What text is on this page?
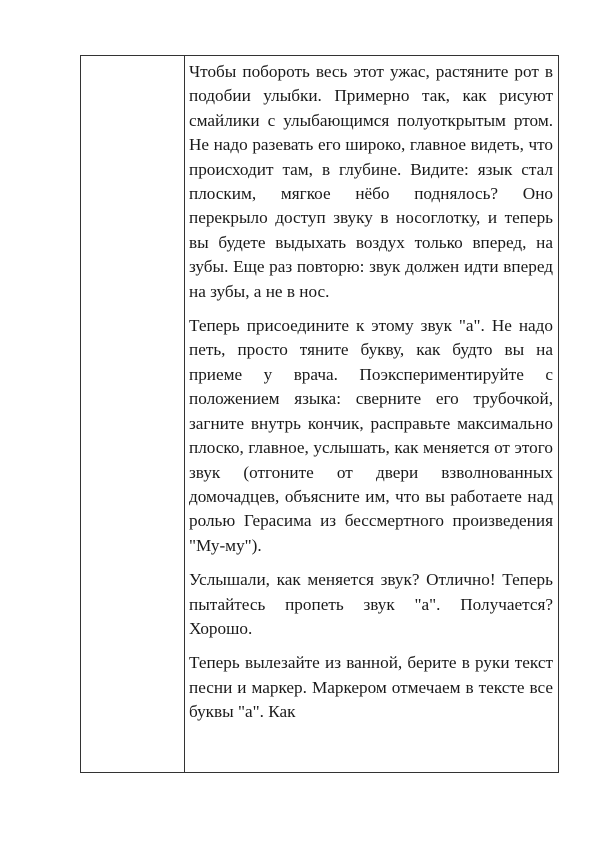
Чтобы побороть весь этот ужас, растяните рот в подобии улыбки. Примерно так, как рисуют смайлики с улыбающимся полуоткрытым ртом. Не надо разевать его широко, главное видеть, что происходит там, в глубине. Видите: язык стал плоским, мягкое нёбо поднялось? Оно перекрыло доступ звуку в носоглотку, и теперь вы будете выдыхать воздух только вперед, на зубы. Еще раз повторю: звук должен идти вперед на зубы, а не в нос.

Теперь присоедините к этому звук "а". Не надо петь, просто тяните букву, как будто вы на приеме у врача. Поэкспериментируйте с положением языка: сверните его трубочкой, загните внутрь кончик, расправьте максимально плоско, главное, услышать, как меняется от этого звук (отгоните от двери взволнованных домочадцев, объясните им, что вы работаете над ролью Герасима из бессмертного произведения "Му-му").

Услышали, как меняется звук? Отлично! Теперь пытайтесь пропеть звук "а". Получается? Хорошо.

Теперь вылезайте из ванной, берите в руки текст песни и маркер. Маркером отмечаем в тексте все буквы "а". Как
